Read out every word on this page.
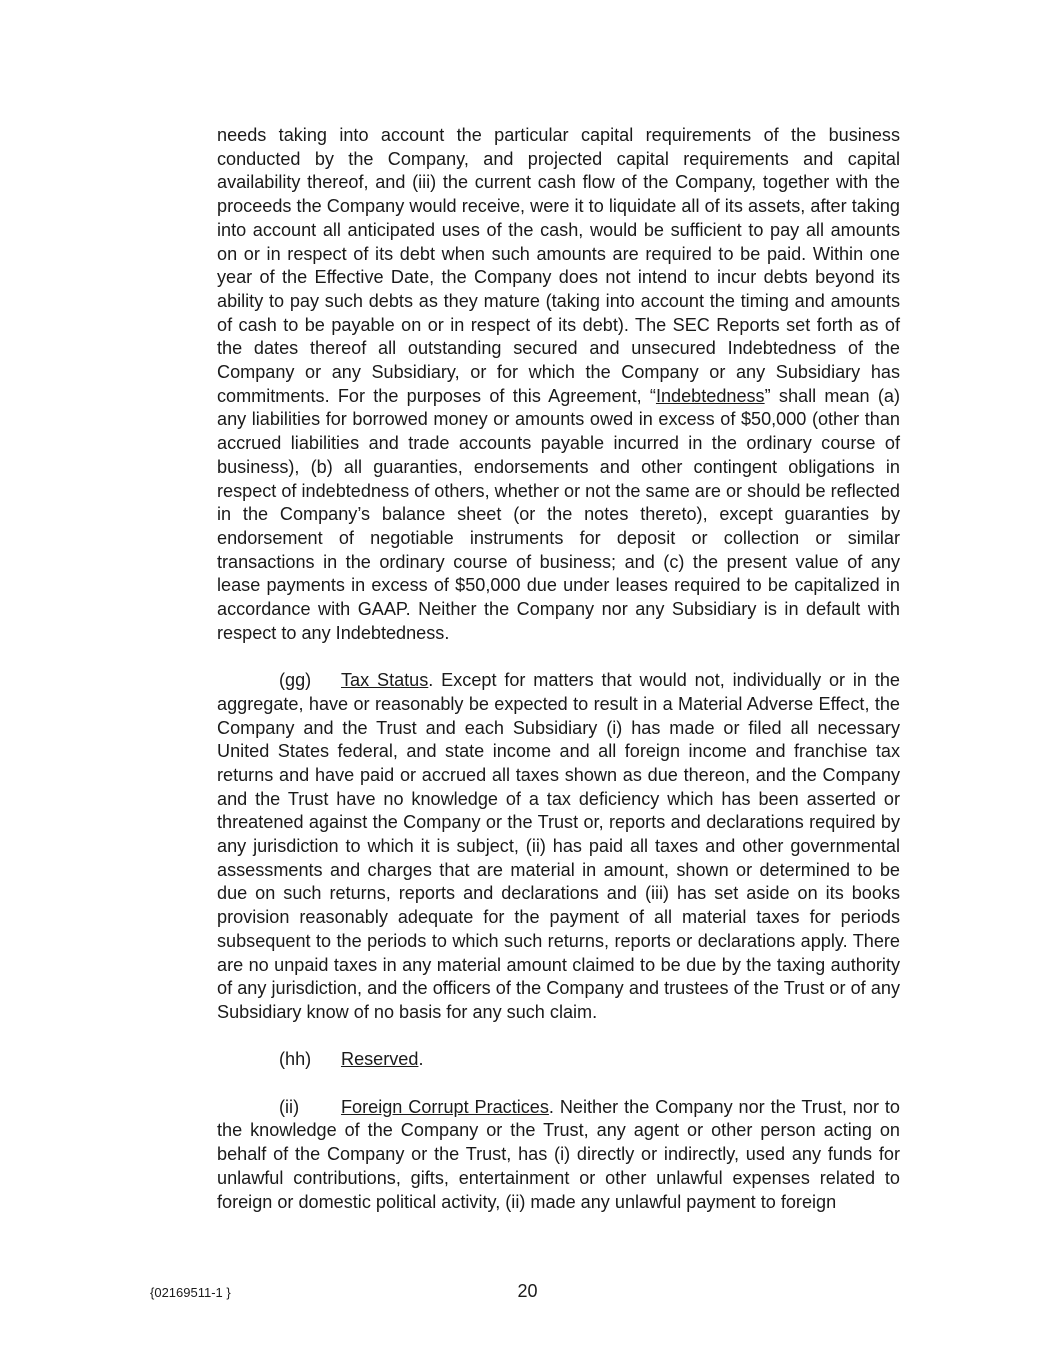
needs taking into account the particular capital requirements of the business conducted by the Company, and projected capital requirements and capital availability thereof, and (iii) the current cash flow of the Company, together with the proceeds the Company would receive, were it to liquidate all of its assets, after taking into account all anticipated uses of the cash, would be sufficient to pay all amounts on or in respect of its debt when such amounts are required to be paid. Within one year of the Effective Date, the Company does not intend to incur debts beyond its ability to pay such debts as they mature (taking into account the timing and amounts of cash to be payable on or in respect of its debt). The SEC Reports set forth as of the dates thereof all outstanding secured and unsecured Indebtedness of the Company or any Subsidiary, or for which the Company or any Subsidiary has commitments. For the purposes of this Agreement, “Indebtedness” shall mean (a) any liabilities for borrowed money or amounts owed in excess of $50,000 (other than accrued liabilities and trade accounts payable incurred in the ordinary course of business), (b) all guaranties, endorsements and other contingent obligations in respect of indebtedness of others, whether or not the same are or should be reflected in the Company’s balance sheet (or the notes thereto), except guaranties by endorsement of negotiable instruments for deposit or collection or similar transactions in the ordinary course of business; and (c) the present value of any lease payments in excess of $50,000 due under leases required to be capitalized in accordance with GAAP. Neither the Company nor any Subsidiary is in default with respect to any Indebtedness.

(gg) Tax Status. Except for matters that would not, individually or in the aggregate, have or reasonably be expected to result in a Material Adverse Effect, the Company and the Trust and each Subsidiary (i) has made or filed all necessary United States federal, and state income and all foreign income and franchise tax returns and have paid or accrued all taxes shown as due thereon, and the Company and the Trust have no knowledge of a tax deficiency which has been asserted or threatened against the Company or the Trust or, reports and declarations required by any jurisdiction to which it is subject, (ii) has paid all taxes and other governmental assessments and charges that are material in amount, shown or determined to be due on such returns, reports and declarations and (iii) has set aside on its books provision reasonably adequate for the payment of all material taxes for periods subsequent to the periods to which such returns, reports or declarations apply. There are no unpaid taxes in any material amount claimed to be due by the taxing authority of any jurisdiction, and the officers of the Company and trustees of the Trust or of any Subsidiary know of no basis for any such claim.

(hh) Reserved.

(ii) Foreign Corrupt Practices. Neither the Company nor the Trust, nor to the knowledge of the Company or the Trust, any agent or other person acting on behalf of the Company or the Trust, has (i) directly or indirectly, used any funds for unlawful contributions, gifts, entertainment or other unlawful expenses related to foreign or domestic political activity, (ii) made any unlawful payment to foreign

{02169511-1 }	20
